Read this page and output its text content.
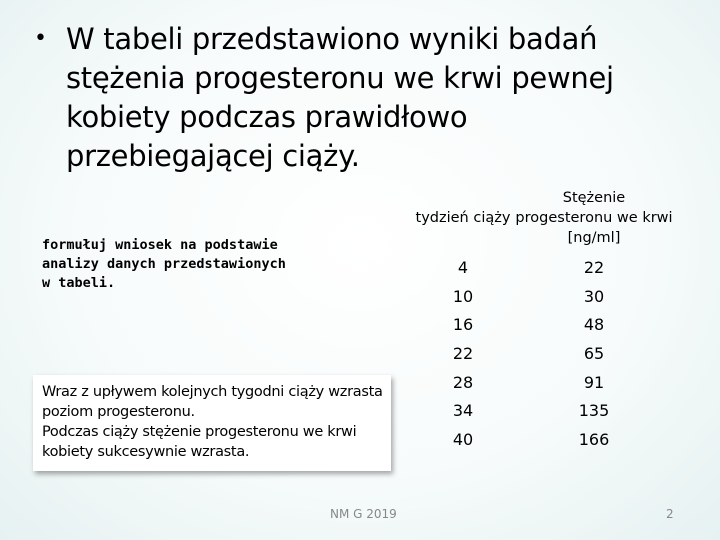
• W tabeli przedstawiono wyniki badań stężenia progesteronu we krwi pewnej kobiety podczas prawidłowo przebiegającej ciąży.
formułuj wniosek na podstawie analizy danych przedstawionych w tabeli.
Wraz z upływem kolejnych tygodni ciąży wzrasta poziom progesteronu.
Podczas ciąży stężenie progesteronu we krwi kobiety sukcesywnie wzrasta.
tydzień ciąży	Stężenie progesteronu we krwi [ng/ml]
4	22
10	30
16	48
22	65
28	91
34	135
40	166
NM G 2019	2
